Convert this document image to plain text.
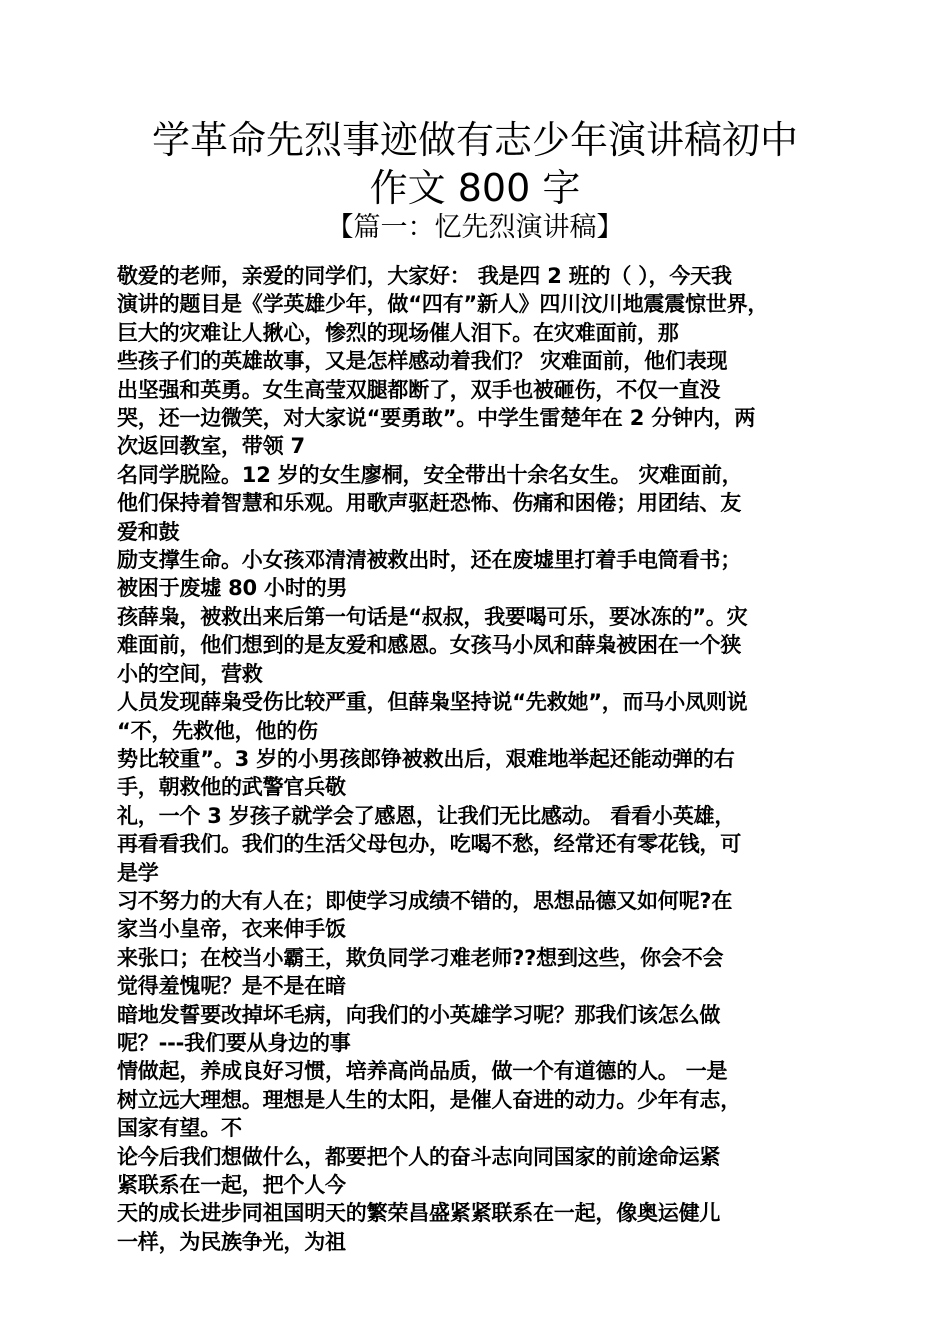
学革命先烈事迹做有志少年演讲稿初中
作文 800 字
【篇一：忆先烈演讲稿】
敬爱的老师，亲爱的同学们，大家好： 我是四 2 班的（ ），今天我
演讲的题目是《学英雄少年，做“四有”新人》四川汶川地震震惊世界，
巨大的灾难让人揪心，惨烈的现场催人泪下。在灾难面前，那
些孩子们的英雄故事，又是怎样感动着我们？ 灾难面前，他们表现
出坚强和英勇。女生高莹双腿都断了，双手也被砸伤，不仅一直没
哭，还一边微笑，对大家说“要勇敢”。中学生雷楚年在 2 分钟内，两
次返回教室，带领 7
名同学脱险。12 岁的女生廖桐，安全带出十余名女生。 灾难面前，
他们保持着智慧和乐观。用歌声驱赶恐怖、伤痛和困倦；用团结、友
爱和鼓
励支撑生命。小女孩邓清清被救出时，还在废墟里打着手电筒看书；
被困于废墟 80 小时的男
孩薛枭，被救出来后第一句话是“叔叔，我要喝可乐，要冰冻的”。灾
难面前，他们想到的是友爱和感恩。女孩马小凤和薛枭被困在一个狭
小的空间，营救
人员发现薛枭受伤比较严重，但薛枭坚持说“先救她”，而马小凤则说
“不，先救他，他的伤
势比较重”。3 岁的小男孩郎铮被救出后，艰难地举起还能动弹的右
手，朝救他的武警官兵敬
礼，一个 3 岁孩子就学会了感恩，让我们无比感动。 看看小英雄，
再看看我们。我们的生活父母包办，吃喝不愁，经常还有零花钱，可
是学
习不努力的大有人在；即使学习成绩不错的，思想品德又如何呢?在
家当小皇帝，衣来伸手饭
来张口；在校当小霸王，欺负同学刁难老师??想到这些，你会不会
觉得羞愧呢？是不是在暗
暗地发誓要改掉坏毛病，向我们的小英雄学习呢？那我们该怎么做
呢？---我们要从身边的事
情做起，养成良好习惯，培养高尚品质，做一个有道德的人。 一是
树立远大理想。理想是人生的太阳，是催人奋进的动力。少年有志，
国家有望。不
论今后我们想做什么，都要把个人的奋斗志向同国家的前途命运紧
紧联系在一起，把个人今
天的成长进步同祖国明天的繁荣昌盛紧紧联系在一起，像奥运健儿
一样，为民族争光，为祖
